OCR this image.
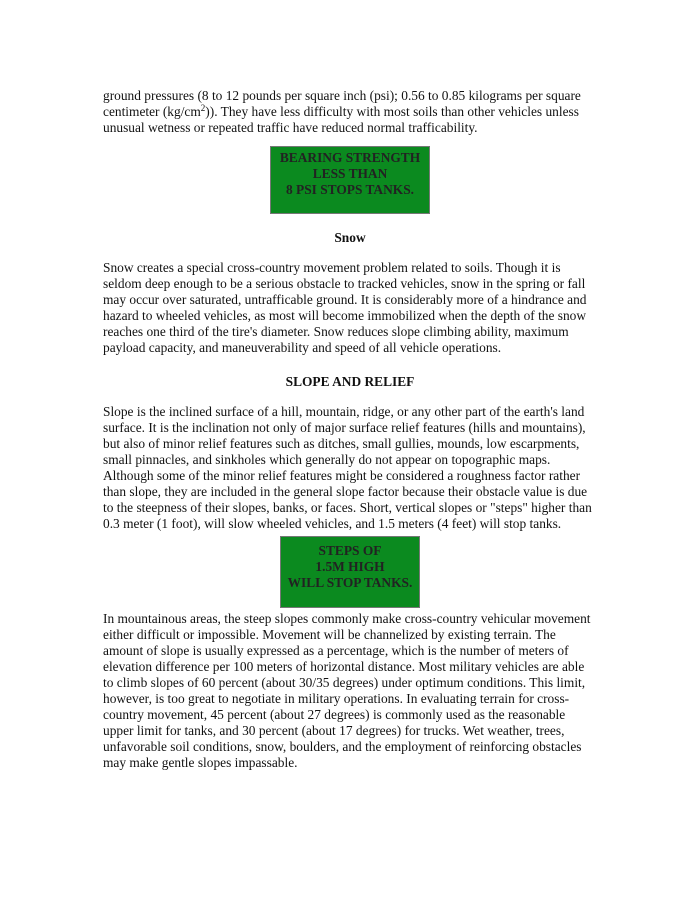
ground pressures (8 to 12 pounds per square inch (psi); 0.56 to 0.85 kilograms per square centimeter $(kg/cm^2)$). They have less difficulty with most soils than other vehicles unless unusual wetness or repeated traffic have reduced normal trafficability.

BEARING STRENGTH
LESS THAN
8 PSI STOPS TANKS.

Snow

Snow creates a special cross-country movement problem related to soils. Though it is seldom deep enough to be a serious obstacle to tracked vehicles, snow in the spring or fall may occur over saturated, untrafficable ground. It is considerably more of a hindrance and hazard to wheeled vehicles, as most will become immobilized when the depth of the snow reaches one third of the tire's diameter. Snow reduces slope climbing ability, maximum payload capacity, and maneuverability and speed of all vehicle operations.

SLOPE AND RELIEF

Slope is the inclined surface of a hill, mountain, ridge, or any other part of the earth's land surface. It is the inclination not only of major surface relief features (hills and mountains), but also of minor relief features such as ditches, small gullies, mounds, low escarpments, small pinnacles, and sinkholes which generally do not appear on topographic maps. Although some of the minor relief features might be considered a roughness factor rather than slope, they are included in the general slope factor because their obstacle value is due to the steepness of their slopes, banks, or faces. Short, vertical slopes or "steps" higher than 0.3 meter (1 foot), will slow wheeled vehicles, and 1.5 meters (4 feet) will stop tanks.

STEPS OF
1.5M HIGH
WILL STOP TANKS.

In mountainous areas, the steep slopes commonly make cross-country vehicular movement either difficult or impossible. Movement will be channelized by existing terrain. The amount of slope is usually expressed as a percentage, which is the number of meters of elevation difference per 100 meters of horizontal distance. Most military vehicles are able to climb slopes of 60 percent (about 30/35 degrees) under optimum conditions. This limit, however, is too great to negotiate in military operations. In evaluating terrain for cross-country movement, 45 percent (about 27 degrees) is commonly used as the reasonable upper limit for tanks, and 30 percent (about 17 degrees) for trucks. Wet weather, trees, unfavorable soil conditions, snow, boulders, and the employment of reinforcing obstacles may make gentle slopes impassable.
